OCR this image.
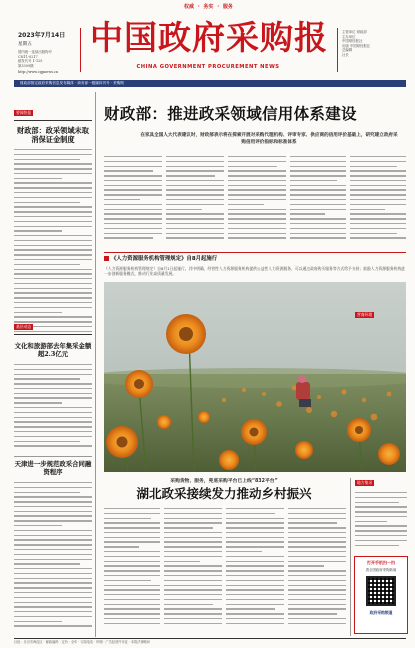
权威 · 务实 · 服务
2023年7月14日
星期五
国内统一连续出版物号
CN11-0217
邮发代号 1-125
第3309期
http://www.cgpnews.cn
中国政府采购报
CHINA GOVERNMENT PROCUREMENT NEWS
主管单位 财政部
主办单位
中国财经报社
出版 中国财经报社
总编辑
社长
财政部指定政府采购信息发布媒体 · 商务部一级媒体刊号 · 采购网
要闻快报
财政部：政采领域未取消保证金制度
基层动态
文化和旅游部去年集采金额超2.3亿元
天津进一步规范政采合同融资程序
财政部：推进政采领域信用体系建设
在家具全国人大代表建议时，财政部表示将在探索开展对采购代理机构、评审专家、供应商的信用评价基础上，研究建立政府采购信用评价指标和标准体系
《人力资源服务机构管理规定》自8月起施行
《人力资源服务机构管理规定》自8月1日起施行。其中明确，经营性人力资源服务机构提供公益性人力资源服务，可以通过政府购买服务等方式给予支持；鼓励人力资源服务机构进一步创新服务模式，推动行业高质量发展。
采购货物、服务，兜底采购平台已上线“832平台”
湖北政采接续发力推动乡村振兴
营商环境
地方集采
打开手机扫一扫
看全国政府采购新闻
政府采购频道
社址：北京市海淀区 · 邮政编码 · 定价 · 全年 · 订阅电话 · 印刷 · 广告经营许可证 · 本报法律顾问
